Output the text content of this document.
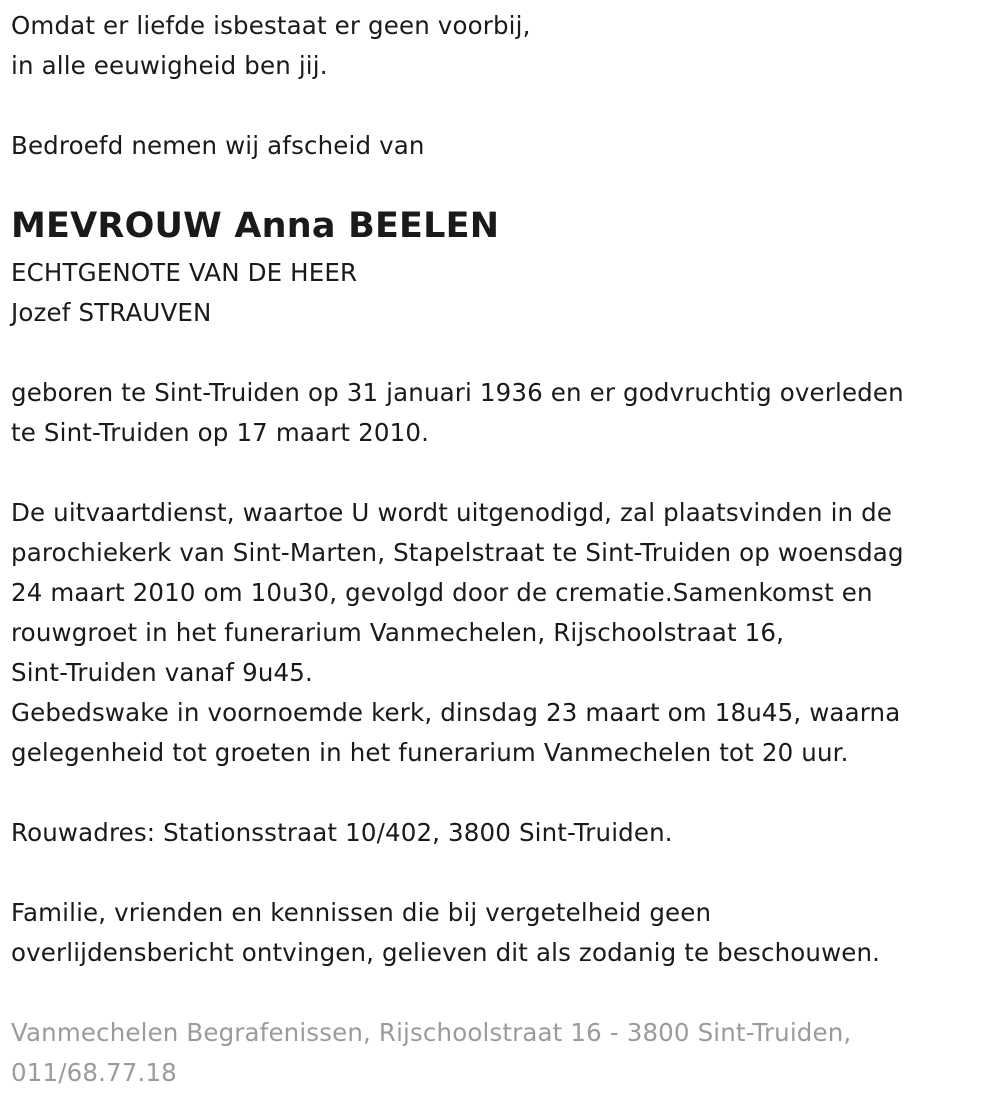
Omdat er liefde isbestaat er geen voorbij,
in alle eeuwigheid ben jij.
Bedroefd nemen wij afscheid van
MEVROUW Anna BEELEN
ECHTGENOTE VAN DE HEER
Jozef STRAUVEN
geboren te Sint-Truiden op 31 januari 1936 en er godvruchtig overleden
te Sint-Truiden op 17 maart 2010.
De uitvaartdienst, waartoe U wordt uitgenodigd, zal plaatsvinden in de
parochiekerk van Sint-Marten, Stapelstraat te Sint-Truiden op woensdag
24 maart 2010 om 10u30, gevolgd door de crematie.Samenkomst en
rouwgroet in het funerarium Vanmechelen, Rijschoolstraat 16,
Sint-Truiden vanaf 9u45.
Gebedswake in voornoemde kerk, dinsdag 23 maart om 18u45, waarna
gelegenheid tot groeten in het funerarium Vanmechelen tot 20 uur.
Rouwadres: Stationsstraat 10/402, 3800 Sint-Truiden.
Familie, vrienden en kennissen die bij vergetelheid geen
overlijdensbericht ontvingen, gelieven dit als zodanig te beschouwen.
Vanmechelen Begrafenissen, Rijschoolstraat 16 - 3800 Sint-Truiden,
011/68.77.18
